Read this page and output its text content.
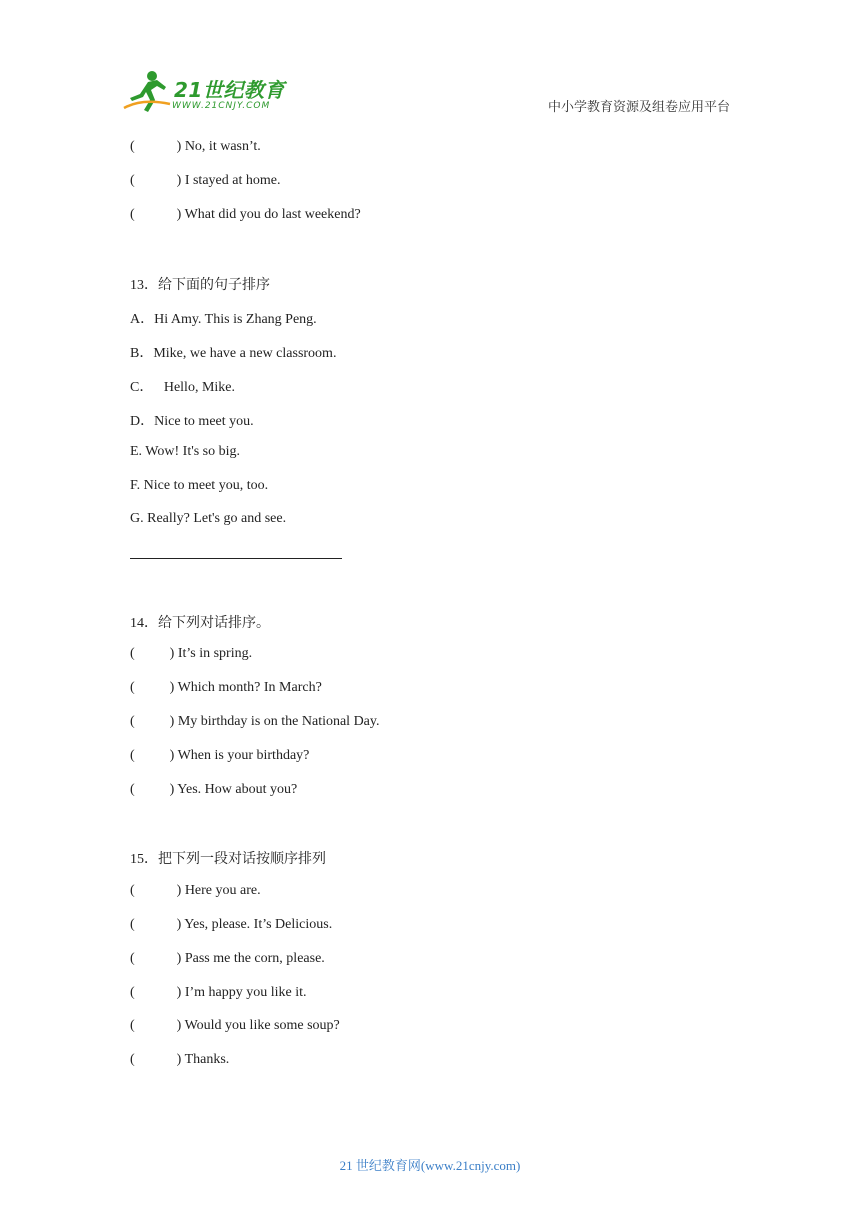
21世纪教育
WWW.21CNJY.COM	中小学教育资源及组卷应用平台
(            ) No, it wasn’t.
(            ) I stayed at home.
(            ) What did you do last weekend?
13．给下面的句子排序
A．Hi Amy. This is Zhang Peng.
B．Mike, we have a new classroom.
C．   Hello, Mike.
D．Nice to meet you.
E. Wow! It's so big.
F. Nice to meet you, too.
G. Really? Let's go and see.
14．给下列对话排序。
(          ) It’s in spring.
(          ) Which month? In March?
(          ) My birthday is on the National Day.
(          ) When is your birthday?
(          ) Yes. How about you?
15．把下列一段对话按顺序排列
(            ) Here you are.
(            ) Yes, please. It’s Delicious.
(            ) Pass me the corn, please.
(            ) I’m happy you like it.
(            ) Would you like some soup?
(            ) Thanks.
21 世纪教育网(www.21cnjy.com)
